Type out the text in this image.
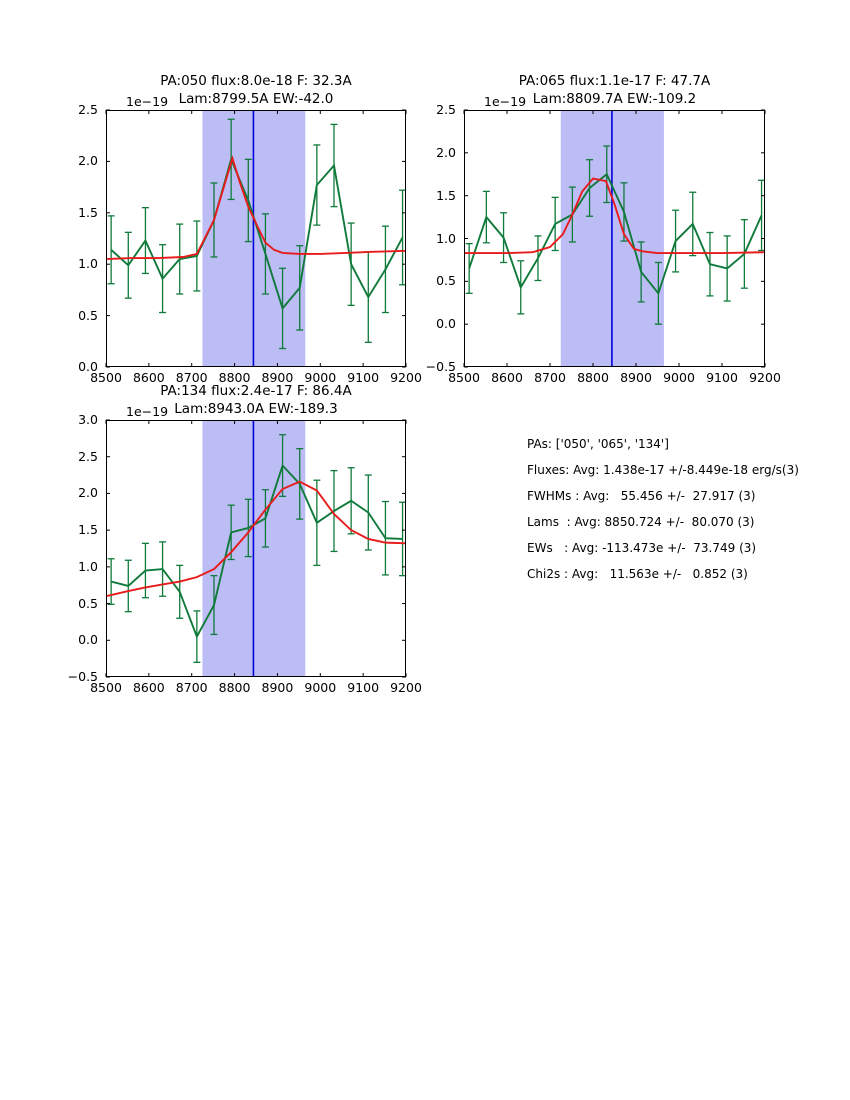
PA:050 flux:8.0e-18 F: 32.3A
Lam:8799.5A EW:-42.0
1e−19
8500 8600 8700 8800 8900 9000 9100 9200
0.0
0.5
1.0
1.5
2.0
2.5
PA:065 flux:1.1e-17 F: 47.7A
Lam:8809.7A EW:-109.2
1e−19
8500 8600 8700 8800 8900 9000 9100 9200
−0.5
0.0
0.5
1.0
1.5
2.0
2.5
PA:134 flux:2.4e-17 F: 86.4A
Lam:8943.0A EW:-189.3
1e−19
8500 8600 8700 8800 8900 9000 9100 9200
−0.5
0.0
0.5
1.0
1.5
2.0
2.5
3.0
PAs: ['050', '065', '134']
Fluxes: Avg: 1.438e-17 +/-8.449e-18 erg/s(3)
FWHMs : Avg:   55.456 +/-  27.917 (3)
Lams  : Avg: 8850.724 +/-  80.070 (3)
EWs   : Avg: -113.473e +/-  73.749 (3)
Chi2s : Avg:   11.563e +/-   0.852 (3)
